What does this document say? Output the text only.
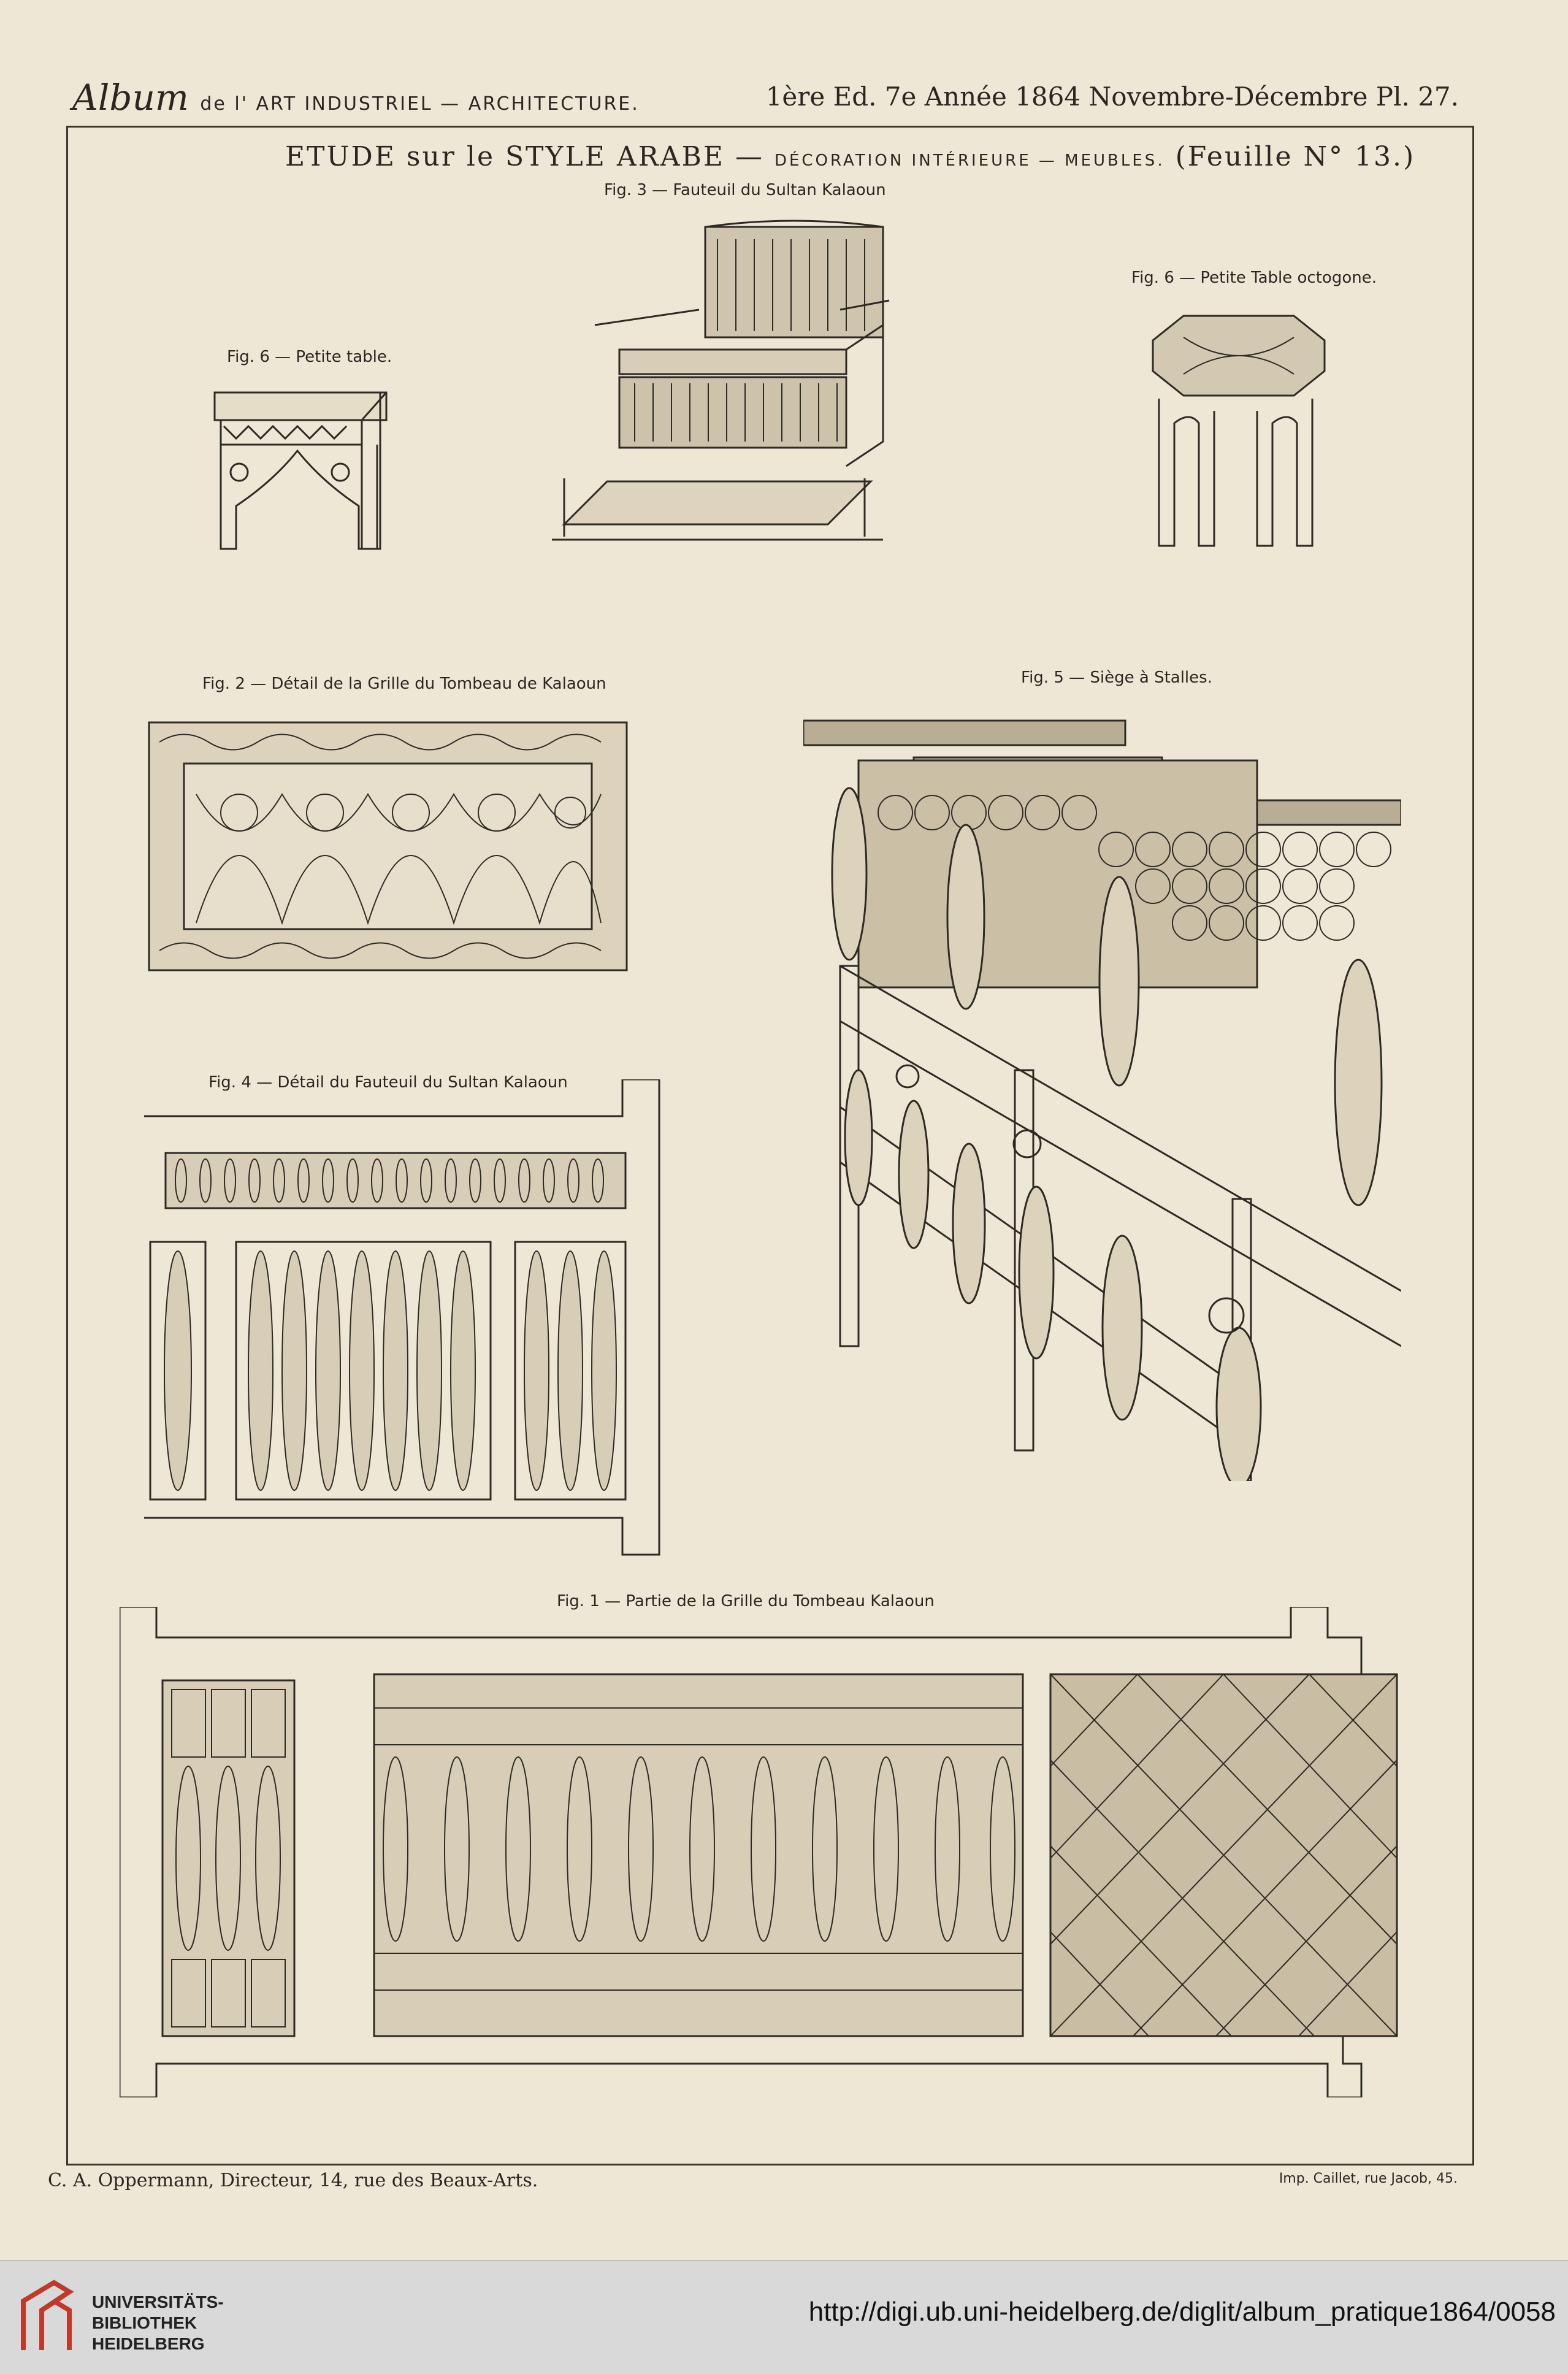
Album de l' ART INDUSTRIEL — ARCHITECTURE.	1ère Ed. 7e Année 1864 Novembre-Décembre Pl. 27.
ETUDE sur le STYLE ARABE — DÉCORATION INTÉRIEURE — MEUBLES. (Feuille N° 13.)
Fig. 3 — Fauteuil du Sultan Kalaoun
Fig. 6 — Petite table.
Fig. 6 — Petite Table octogone.
Fig. 2 — Détail de la Grille du Tombeau de Kalaoun	Fig. 5 — Siège à Stalles.
Fig. 4 — Détail du Fauteuil du Sultan Kalaoun
Fig. 1 — Partie de la Grille du Tombeau Kalaoun
C. A. Oppermann, Directeur, 14, rue des Beaux-Arts.	Imp. Caillet, rue Jacob, 45.
UNIVERSITÄTS-
BIBLIOTHEK
HEIDELBERG
http://digi.ub.uni-heidelberg.de/diglit/album_pratique1864/0058
